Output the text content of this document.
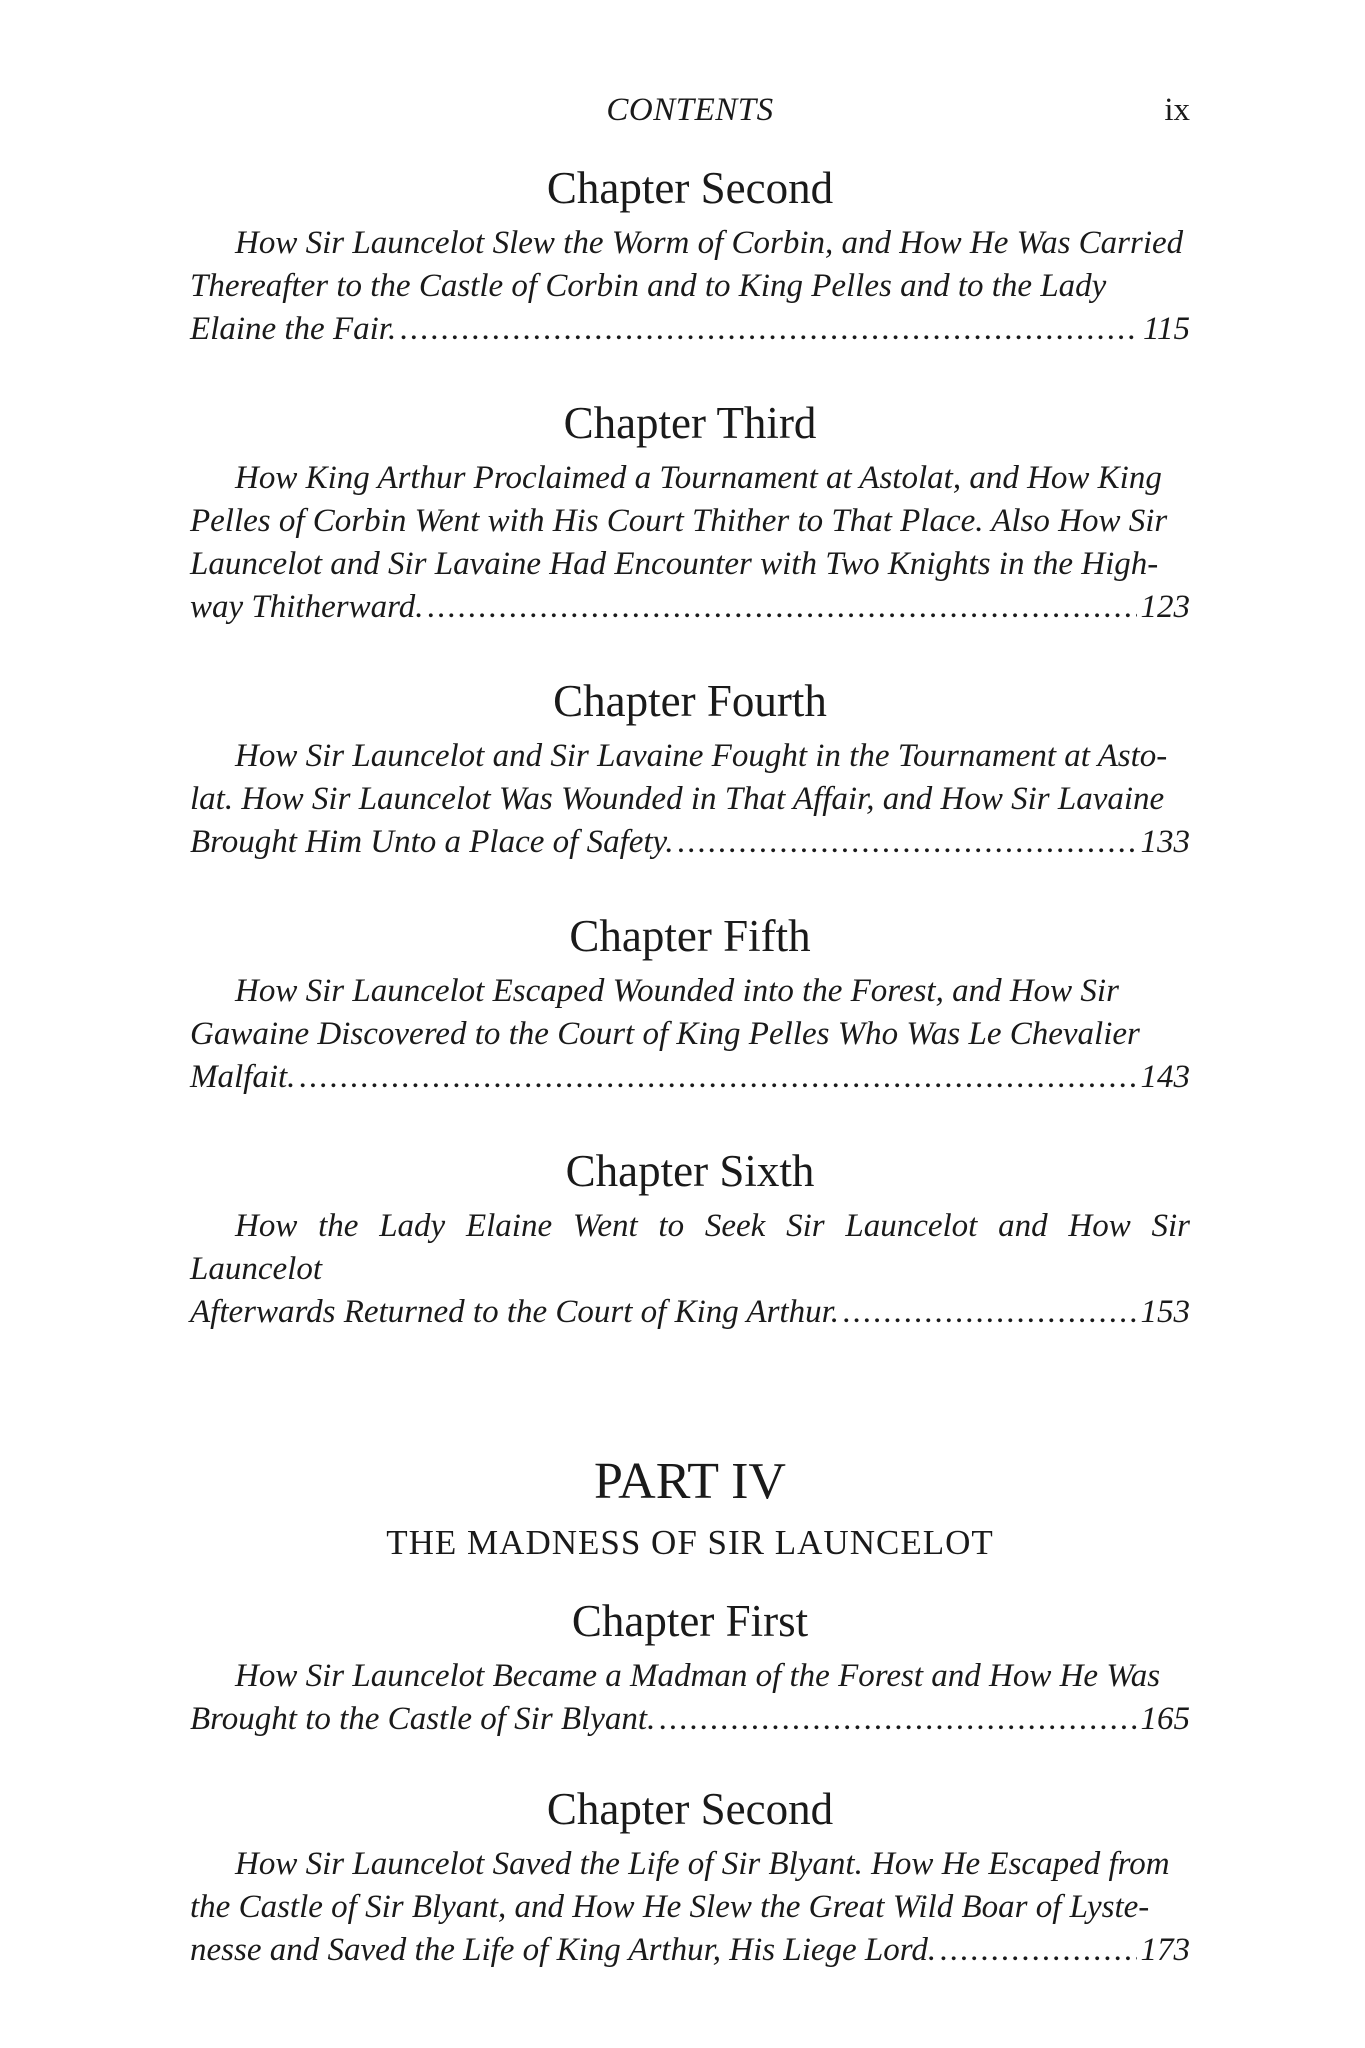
CONTENTS	ix
Chapter Second
How Sir Launcelot Slew the Worm of Corbin, and How He Was Carried
Thereafter to the Castle of Corbin and to King Pelles and to the Lady
Elaine the Fair. .....	115
Chapter Third
How King Arthur Proclaimed a Tournament at Astolat, and How King
Pelles of Corbin Went with His Court Thither to That Place. Also How Sir
Launcelot and Sir Lavaine Had Encounter with Two Knights in the High-
way Thitherward. .....	123
Chapter Fourth
How Sir Launcelot and Sir Lavaine Fought in the Tournament at Asto-
lat. How Sir Launcelot Was Wounded in That Affair, and How Sir Lavaine
Brought Him Unto a Place of Safety. .....	133
Chapter Fifth
How Sir Launcelot Escaped Wounded into the Forest, and How Sir
Gawaine Discovered to the Court of King Pelles Who Was Le Chevalier
Malfait. .....	143
Chapter Sixth
How the Lady Elaine Went to Seek Sir Launcelot and How Sir Launcelot
Afterwards Returned to the Court of King Arthur. .....	153
PART IV
THE MADNESS OF SIR LAUNCELOT
Chapter First
How Sir Launcelot Became a Madman of the Forest and How He Was
Brought to the Castle of Sir Blyant. .....	165
Chapter Second
How Sir Launcelot Saved the Life of Sir Blyant. How He Escaped from
the Castle of Sir Blyant, and How He Slew the Great Wild Boar of Lyste-
nesse and Saved the Life of King Arthur, His Liege Lord. .....	173
